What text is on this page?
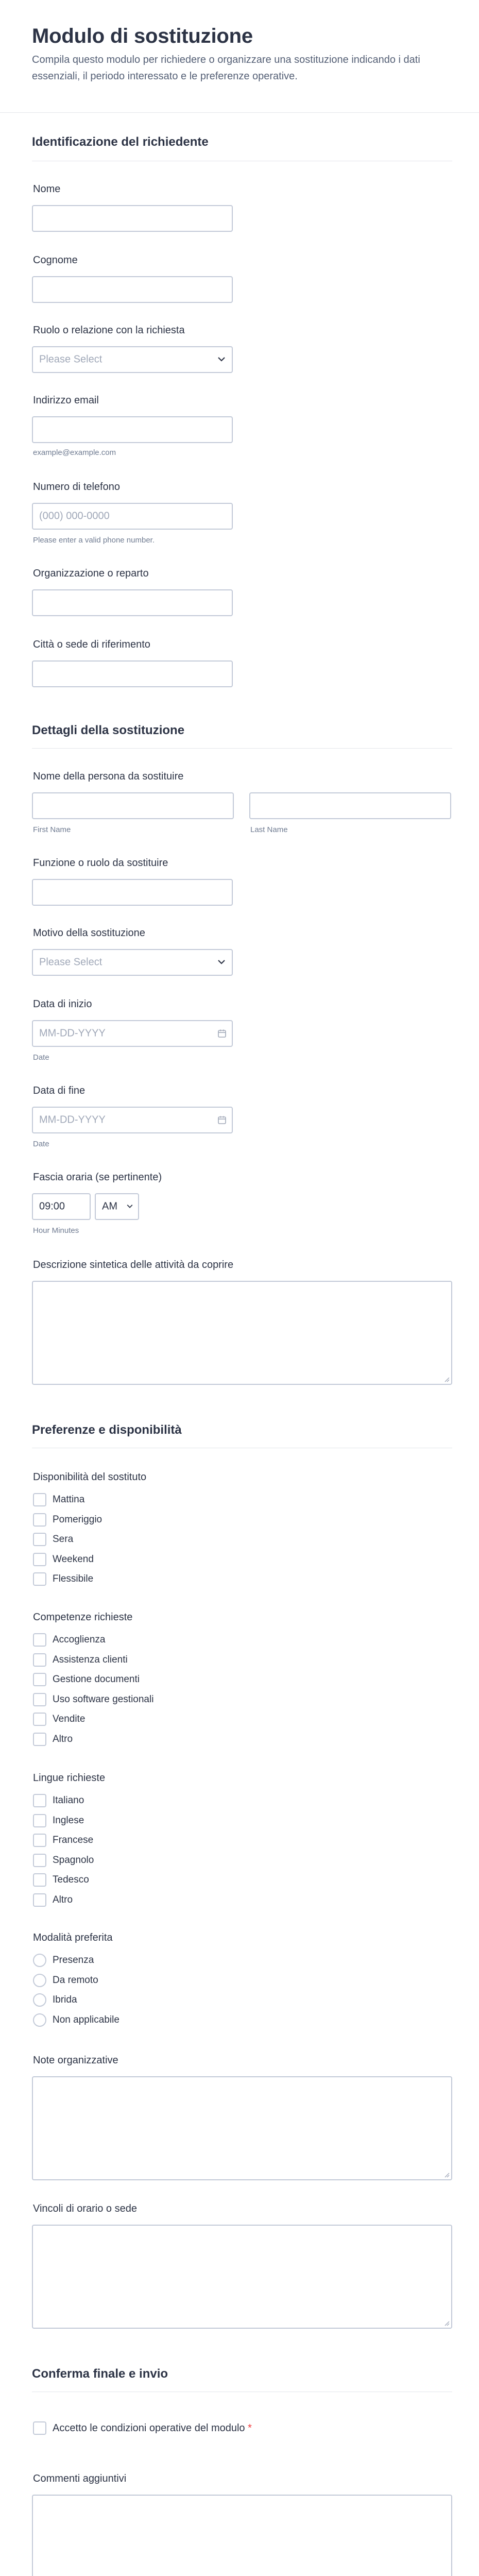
Modulo di sostituzione
Compila questo modulo per richiedere o organizzare una sostituzione indicando i dati essenziali, il periodo interessato e le preferenze operative.
Identificazione del richiedente
Nome
Cognome
Ruolo o relazione con la richiesta
Please Select
Indirizzo email
example@example.com
Numero di telefono
(000) 000-0000
Please enter a valid phone number.
Organizzazione o reparto
Città o sede di riferimento
Dettagli della sostituzione
Nome della persona da sostituire
First Name	Last Name
Funzione o ruolo da sostituire
Motivo della sostituzione
Please Select
Data di inizio
MM-DD-YYYY
Date
Data di fine
MM-DD-YYYY
Date
Fascia oraria (se pertinente)
09:00	AM
Hour Minutes
Descrizione sintetica delle attività da coprire
Preferenze e disponibilità
Disponibilità del sostituto
Mattina
Pomeriggio
Sera
Weekend
Flessibile
Competenze richieste
Accoglienza
Assistenza clienti
Gestione documenti
Uso software gestionali
Vendite
Altro
Lingue richieste
Italiano
Inglese
Francese
Spagnolo
Tedesco
Altro
Modalità preferita
Presenza
Da remoto
Ibrida
Non applicabile
Note organizzative
Vincoli di orario o sede
Conferma finale e invio
Accetto le condizioni operative del modulo *
Commenti aggiuntivi
